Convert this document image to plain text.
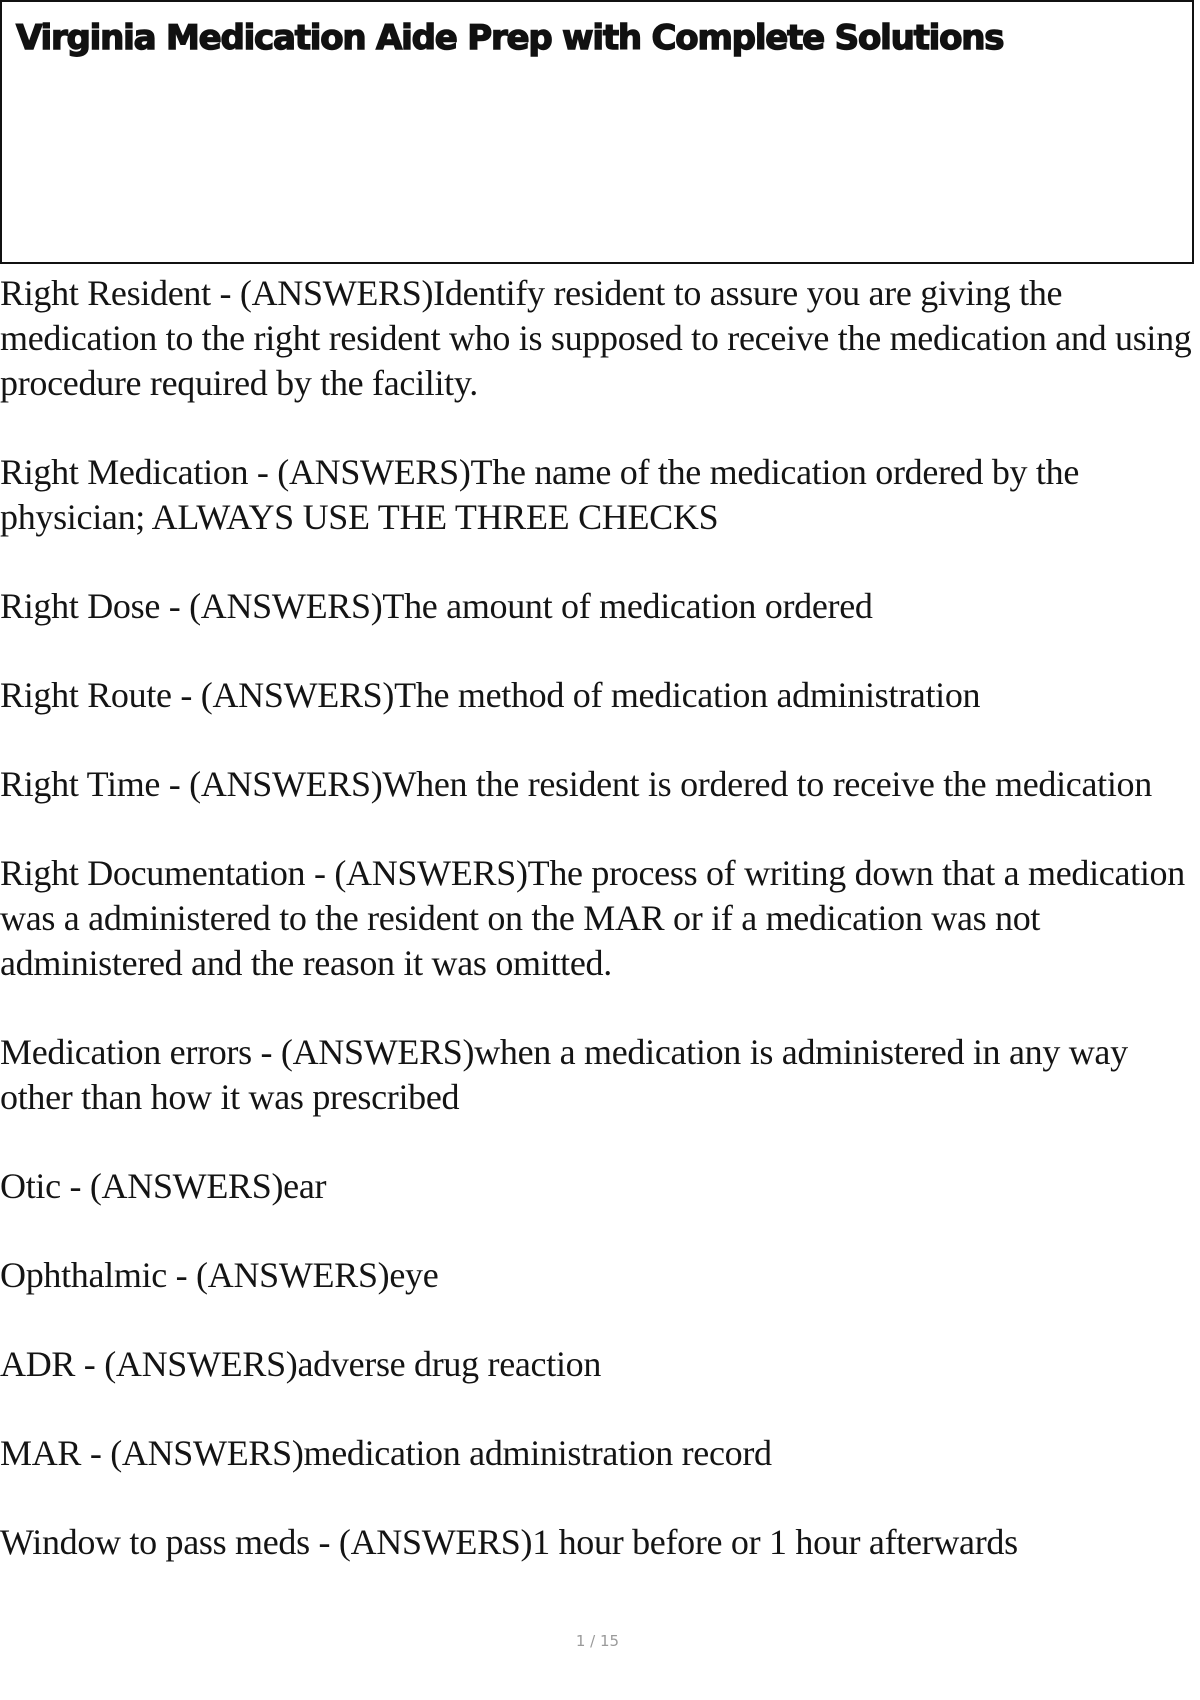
Virginia Medication Aide Prep with Complete Solutions
Right Resident - (ANSWERS)Identify resident to assure you are giving the medication to the right resident who is supposed to receive the medication and using procedure required by the facility.
Right Medication - (ANSWERS)The name of the medication ordered by the physician; ALWAYS USE THE THREE CHECKS
Right Dose - (ANSWERS)The amount of medication ordered
Right Route - (ANSWERS)The method of medication administration
Right Time - (ANSWERS)When the resident is ordered to receive the medication
Right Documentation - (ANSWERS)The process of writing down that a medication was a administered to the resident on the MAR or if a medication was not administered and the reason it was omitted.
Medication errors - (ANSWERS)when a medication is administered in any way other than how it was prescribed
Otic - (ANSWERS)ear
Ophthalmic - (ANSWERS)eye
ADR - (ANSWERS)adverse drug reaction
MAR - (ANSWERS)medication administration record
Window to pass meds - (ANSWERS)1 hour before or 1 hour afterwards
1 / 15
